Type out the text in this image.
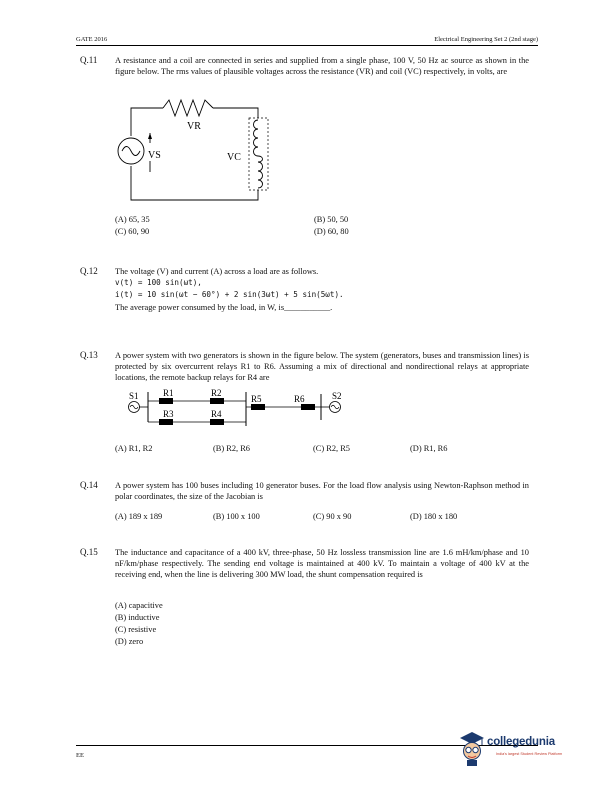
GATE 2016	Electrical Engineering Set 2 (2nd stage)
Q.11 A resistance and a coil are connected in series and supplied from a single phase, 100 V, 50 Hz ac source as shown in the figure below. The rms values of plausible voltages across the resistance (VR) and coil (VC) respectively, in volts, are
VR
VS	VC
(A) 65, 35	(B) 50, 50
(C) 60, 90	(D) 60, 80
Q.12 The voltage (V) and current (A) across a load are as follows.
v(t) = 100 sin(ωt),
i(t) = 10 sin(ωt − 60°) + 2 sin(3ωt) + 5 sin(5ωt).
The average power consumed by the load, in W, is___________.
Q.13 A power system with two generators is shown in the figure below. The system (generators, buses and transmission lines) is protected by six overcurrent relays R1 to R6. Assuming a mix of directional and nondirectional relays at appropriate locations, the remote backup relays for R4 are
S1	R1	R2
R3	R4
R5	R6	S2
(A) R1, R2	(B) R2, R6	(C) R2, R5	(D) R1, R6
Q.14 A power system has 100 buses including 10 generator buses. For the load flow analysis using Newton-Raphson method in polar coordinates, the size of the Jacobian is
(A) 189 x 189	(B) 100 x 100	(C) 90 x 90	(D) 180 x 180
Q.15 The inductance and capacitance of a 400 kV, three-phase, 50 Hz lossless transmission line are 1.6 mH/km/phase and 10 nF/km/phase respectively. The sending end voltage is maintained at 400 kV. To maintain a voltage of 400 kV at the receiving end, when the line is delivering 300 MW load, the shunt compensation required is
(A) capacitive
(B) inductive
(C) resistive
(D) zero
EE
collegedunia
India's largest Student Review Platform
